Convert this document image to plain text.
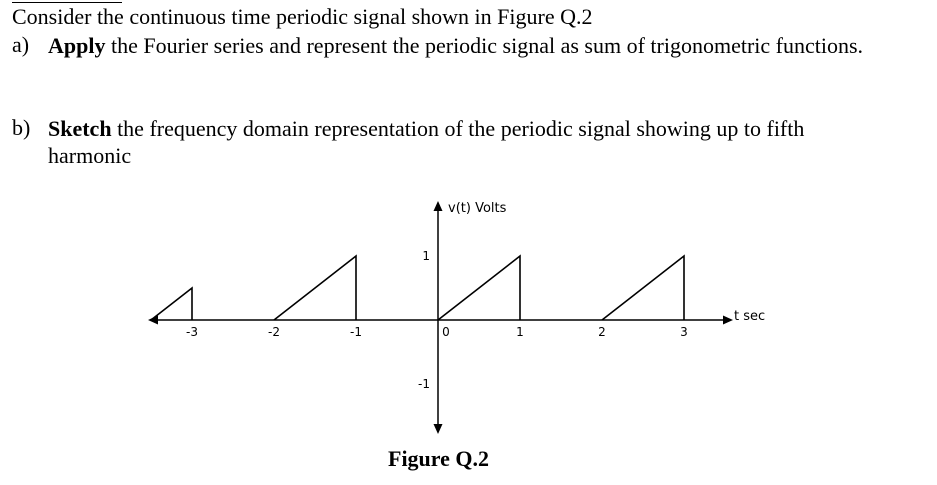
Consider the continuous time periodic signal shown in Figure Q.2
a) Apply the Fourier series and represent the periodic signal as sum of trigonometric functions.
b) Sketch the frequency domain representation of the periodic signal showing up to fifth harmonic
-3	-2	-1	0	1	2	3
1
-1
v(t) Volts
t sec
Figure Q.2
